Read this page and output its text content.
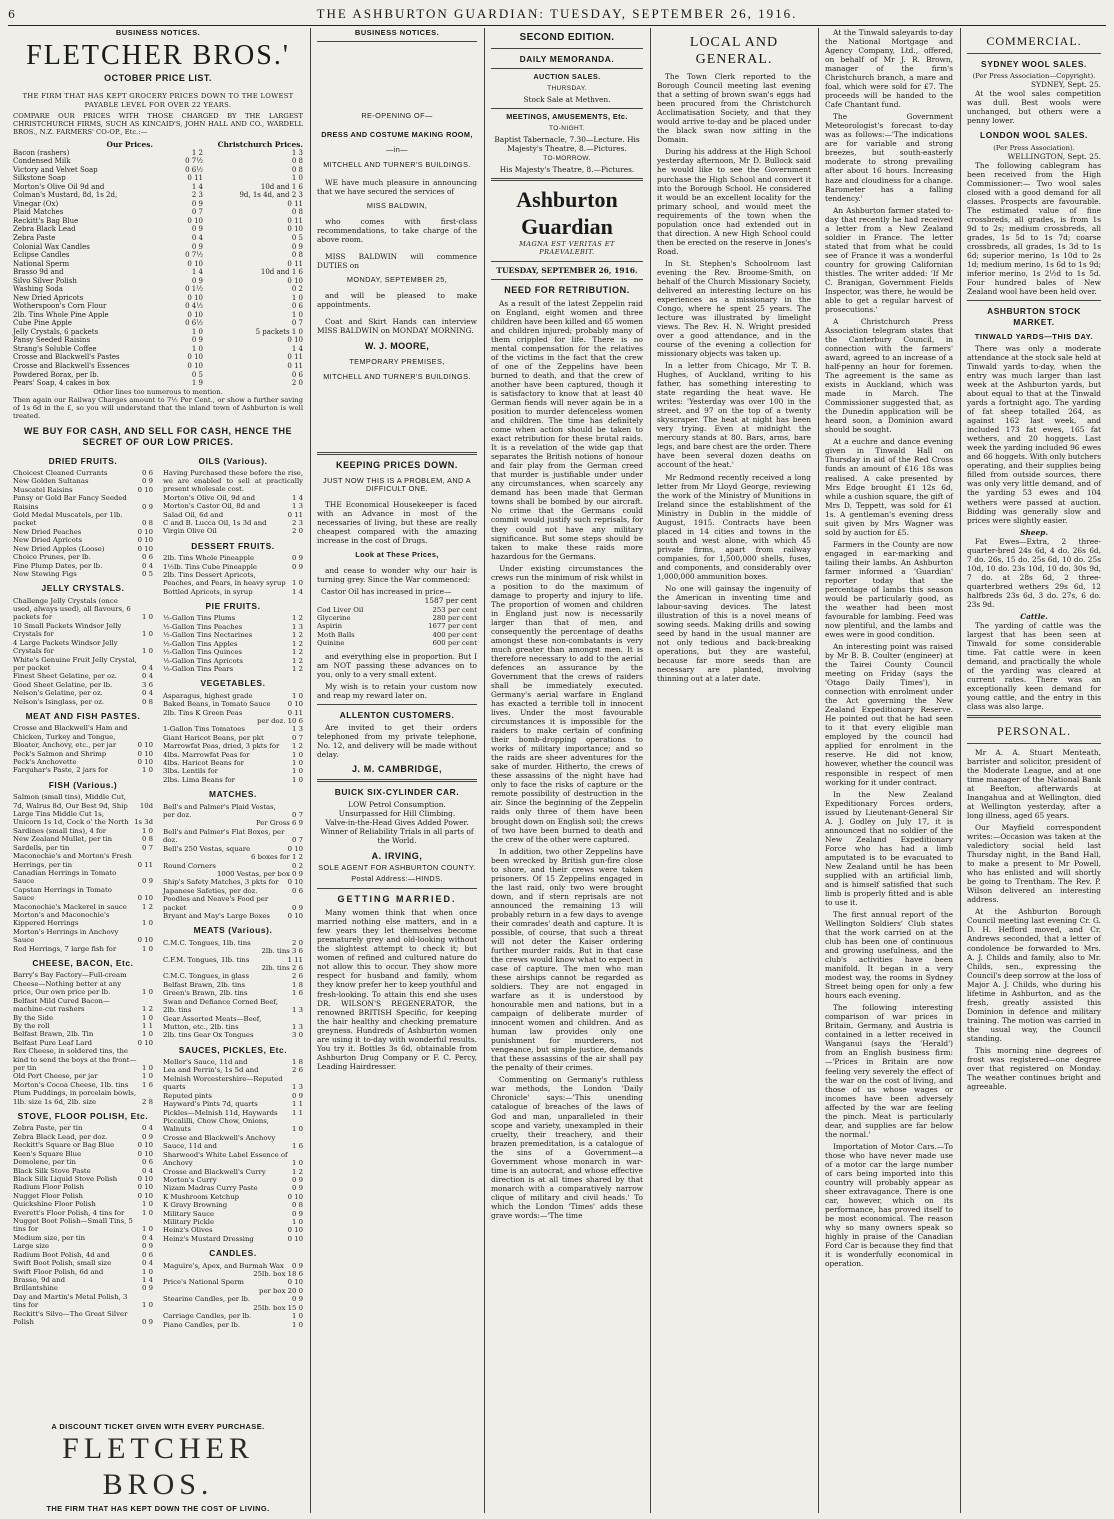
6	THE ASHBURTON GUARDIAN: TUESDAY, SEPTEMBER 26, 1916.
BUSINESS NOTICES.
FLETCHER BROS.'
OCTOBER PRICE LIST.
THE FIRM THAT HAS KEPT GROCERY PRICES DOWN TO THE LOWEST PAYABLE LEVEL FOR OVER 22 YEARS.
COMPARE OUR PRICES WITH THOSE CHARGED BY THE LARGEST CHRISTCHURCH FIRMS, SUCH AS KINCAID'S, JOHN HALL AND CO., WARDELL BROS., N.Z. FARMERS' CO-OP., Etc.:—
Our Prices.	Christchurch Prices.
Bacon (rashers)	1 2	1 3
Condensed Milk	0 7½	0 8
Victory and Velvet Soap	0 6½	0 8
Silkstone Soap	0 11	1 0
Morton's Olive Oil 9d and	1 4	10d and 1 6
Colman's Mustard, 8d, 1s 2d,	2 3	9d, 1s 4d, and 2 3
Vinegar (Ox)	0 9	0 11
Plaid Matches	0 7	0 8
Reckitt's Bag Blue	0 10	0 11
Zebra Black Lead	0 9	0 10
Zebra Paste	0 4	0 5
Colonial Wax Candles	0 9	0 9
Eclipse Candles	0 7½	0 8
National Sperm	0 10	0 11
Brasso 9d and	1 4	10d and 1 6
Silvo Silver Polish	0 9	0 10
Washing Soda	0 1½	0 2
New Dried Apricots	0 10	1 0
Wotherspoon's Corn Flour	0 4½	0 6
2lb. Tins Whole Pine Apple	0 10	1 0
Cube Pine Apple	0 6½	0 7
Jelly Crystals, 6 packets	1 0	5 packets 1 0
Pansy Seeded Raisins	0 9	0 10
Strang's Soluble Coffee	1 0	1 4
Crosse and Blackwell's Pastes	0 10	0 11
Crosse and Blackwell's Essences	0 10	0 11
Powdered Borax, per lb.	0 5	0 6
Pears' Soap, 4 cakes in box	1 9	2 0
Other lines too numerous to mention.
Then again our Railway Charges amount to 7½ Per Cent., or show a further saving of 1s 6d in the £, so you will understand that the inland town of Ashburton is well treated.
WE BUY FOR CASH, AND SELL FOR CASH, HENCE THE SECRET OF OUR LOW PRICES.
DRIED FRUITS.
Choicest Cleaned Currants	0 6
New Golden Sultanas	0 9
Muscatel Raisins	0 10
Pansy or Gold Bar Fancy Seeded Raisins	0 9
Gold Medal Muscatels, per 1lb. packet	0 8
New Dried Peaches	0 10
New Dried Apricots	0 10
New Dried Apples (Loose)	0 10
Choice Prunes, per lb.	0 6
Fine Plump Dates, per lb.	0 4
New Stewing Figs	0 5
JELLY CRYSTALS.
Challenge Jelly Crystals (once used, always used), all flavours, 6 packets for	1 0
10 Small Packets Windsor Jelly Crystals for	1 0
4 Large Packets Windsor Jelly Crystals for	1 0
White's Genuine Fruit Jelly Crystal, per packet	0 4
Finest Sheet Gelatine, per oz.	0 4
Good Sheet Gelatine, per lb.	3 6
Nelson's Gelatine, per oz.	0 4
Nelson's Isinglass, per oz.	0 8
MEAT AND FISH PASTES.
Crosse and Blackwell's Ham and Chicken, Turkey and Tongue, Bloater, Anchovy, etc., per jar	0 10
Peck's Salmon and Shrimp	0 10
Peck's Anchovette	0 10
Farquhar's Paste, 2 jars for	1 0
FISH (Various.)
Salmon (small tins), Middle Cut, 7d, Walrus 8d, Our Best 9d, Ship	10d
Large Tins Middle Cut 1s, Unicorn 1s 1d, Cock o' the North 1s 3d
Sardines (small tins), 4 for	1 0
New Zealand Mullet, per tin	0 8
Sardells, per tin	0 7
Maconochie's and Morton's Fresh Herrings, per tin	0 11
Canadian Herrings in Tomato Sauce	0 9
Capstan Herrings in Tomato Sauce	0 10
Maconochie's Mackerel in sauce	1 2
Morton's and Maconochie's Kippered Herrings	1 0
Morton's Herrings in Anchovy Sauce	0 10
Red Herrings, 7 large fish for	1 0
CHEESE, BACON, Etc.
Barry's Bay Factory—Full-cream Cheese—Nothing better at any price, Our own price per lb.	1 0
Belfast Mild Cured Bacon—machine-cut rashers	1 2
By the Side	1 0
By the roll	1 1
Belfast Brawn, 2lb. Tin	1 0
Belfast Pure Leaf Lard	0 10
Rex Cheese, in soldered tins, the kind to send the boys at the front—per tin	1 0
Old Port Cheese, per jar	1 0
Morton's Cocoa Cheese, 1lb. tins	1 6
Plum Puddings, in porcelain bowls, 1lb. size 1s 6d, 2lb. size	2 8
STOVE, FLOOR POLISH, Etc.
Zebra Paste, per tin	0 4
Zebra Black Lead, per doz.	0 9
Reckitt's Square or Bag Blue	0 10
Keen's Square Blue	0 10
Domolene, per tin	0 6
Black Silk Stove Paste	0 4
Black Silk Liquid Stove Polish	0 10
Radium Floor Polish	0 10
Nugget Floor Polish	0 10
Quickshine Floor Polish	1 0
Everett's Floor Polish, 4 tins for	1 0
Nugget Boot Polish—Small Tins, 5 tins for	1 0
Medium size, per tin	0 4
Large size	0 9
Radium Boot Polish, 4d and	0 6
Swift Boot Polish, small size	0 4
Swift Floor Polish, 6d and	1 0
Brasso, 9d and	1 4
Brillantshine	0 9
Day and Martin's Metal Polish, 3 tins for	1 0
Reckitt's Silvo—The Great Silver Polish	0 9
OILS (Various).
Having Purchased these before the rise, we are enabled to sell at practically present wholesale cost.
Morton's Olive Oil, 9d and	1 4
Morton's Castor Oil, 8d and	1 3
Salad Oil, 6d and	0 11
C and B. Lucca Oil, 1s 3d and	2 3
Virgin Olive Oil	2 0
DESSERT FRUITS.
2lb. Tins Whole Pineapple	0 9
1½lb. Tins Cube Pineapple	0 9
2lb. Tins Dessert Apricots, Peaches, and Pears, in heavy syrup 1 0
Bottled Apricots, in syrup	1 4
PIE FRUITS.
½-Gallon Tins Plums	1 2
½-Gallon Tins Peaches	1 3
½-Gallon Tins Nectarines	1 2
½-Gallon Tins Apples	1 2
½-Gallon Tins Quinces	1 2
½-Gallon Tins Apricots	1 2
½-Gallon Tins Pears	1 2
VEGETABLES.
Asparagus, highest grade	1 0
Baked Beans, in Tomato Sauce	0 10
2lb. Tins K Green Peas	0 11
per doz. 10 6
1-Gallon Tins Tomatoes	1 3
Giant Haricot Beans, per pkt	0 7
Marrowfat Peas, dried, 3 pkts for	1 2
4lbs. Marrowfat Peas for	1 0
4lbs. Haricot Beans for	1 0
3lbs. Lentils for	1 0
2lbs. Lima Beans for	1 0
MATCHES.
Bell's and Palmer's Plaid Vestas, per doz.	0 7
Per Gross 6 9
Bell's and Palmer's Flat Boxes, per doz.	0 7
Bell's 250 Vestas, square	0 10
6 boxes for 1 2
Round Corners	0 2
1000 Vestas, per box 0 9
Ship's Safety Matches, 3 pkts for	0 10
Japanese Safeties, per doz.	0 6
Poodles and Neave's Food per packet	0 9
Bryant and May's Large Boxes	0 10
MEATS (Various).
C.M.C. Tongues, 1lb. tins	2 0
2lb. tins 3 6
C.F.M. Tongues, 1lb. tins	1 11
2lb. tins 2 6
C.M.C. Tongues, in glass	2 6
Belfast Brawn, 2lb. tins	1 8
Green's Brawn, 2lb. tins	1 6
Swan and Defiance Corned Beef, 2lb. tins	1 3
Gear Assorted Meats—Beef, Mutton, etc., 2lb. tins	1 3
2lb. tins Gear Ox Tongues	3 0
SAUCES, PICKLES, Etc.
Mellor's Sauce, 11d and	1 8
Lea and Perrin's, 1s 5d and	2 6
Melnish Worcestershire—Reputed quarts	1 3
Reputed pints	0 9
Hayward's Pints 7d, quarts	1 1
Pickles—Melnish 11d, Haywards	1 1
Piccalilli, Chow Chow, Onions, Walnuts	1 0
Crosse and Blackwell's Anchovy Sauce, 11d and	1 6
Sharwood's White Label Essence of Anchovy	1 0
Crosse and Blackwell's Curry	1 2
Morton's Curry	0 9
Nizam Madras Curry Paste	0 9
K Mushroom Ketchup	0 10
K Gravy Browning	0 8
Military Sauce	0 9
Military Pickle	1 0
Heinz's Olives	0 10
Heinz's Mustard Dressing	0 10
CANDLES.
Maguire's, Apex, and Burmah Wax	0 9
25lb. box 18 6
Price's National Sperm	0 10
per box 20 0
Stearine Candles, per lb.	0 9
25lb. box 15 0
Carriage Candles, per lb.	1 0
Piano Candles, per lb.	1 0
A DISCOUNT TICKET GIVEN WITH EVERY PURCHASE.
FLETCHER BROS.
THE FIRM THAT HAS KEPT DOWN THE COST OF LIVING.
BUSINESS NOTICES.
RE-OPENING OF—
DRESS AND COSTUME MAKING ROOM,
—in—
MITCHELL AND TURNER'S BUILDINGS.

WE have much pleasure in announcing that we have secured the services of

MISS BALDWIN,

who comes with first-class recommendations, to take charge of the above room.

MISS BALDWIN will commence DUTIES on

MONDAY, SEPTEMBER 25,

and will be pleased to make appointments.

Coat and Skirt Hands can interview MISS BALDWIN on MONDAY MORNING.

W. J. MOORE,
TEMPORARY PREMISES,
MITCHELL AND TURNER'S BUILDINGS.
KEEPING PRICES DOWN.
JUST NOW THIS IS A PROBLEM, AND A DIFFICULT ONE.

THE Economical Housekeeper is faced with an Advance in most of the necessaries of living, but these are really cheapest compared with the amazing increase in the cost of Drugs.

Look at These Prices,

and cease to wonder why our hair is turning grey. Since the War commenced:

Castor Oil has increased in price—
1587 per cent
Cod Liver Oil	253 per cent
Glycerine	280 per cent
Aspirin	1677 per cent
Moth Balls	400 per cent
Quinine	600 per cent

and everything else in proportion. But I am NOT passing these advances on to you, only to a very small extent.

My wish is to retain your custom now and reap my reward later on.

ALLENTON CUSTOMERS.

Are invited to get their orders telephoned from my private telephone, No. 12, and delivery will be made without delay.

J. M. CAMBRIDGE,
BUICK SIX-CYLINDER CAR.
LOW Petrol Consumption.
Unsurpassed for Hill Climbing.
Valve-in-the-Head Gives Added Power.
Winner of Reliability Trials in all parts of the World.
A. IRVING,
SOLE AGENT FOR ASHBURTON COUNTY.
Postal Address:—HINDS.
GETTING MARRIED.

Many women think that when once married nothing else matters, and in a few years they let themselves become prematurely grey and old-looking without the slightest attempt to check it; but women of refined and cultured nature do not allow this to occur. They show more respect for husband and family, whom they know prefer her to keep youthful and fresh-looking. To attain this end she uses DR. WILSON'S REGENERATOR, the renowned BRITISH Specific, for keeping the hair healthy and checking premature greyness. Hundreds of Ashburton women are using it to-day with wonderful results. You try it. Bottles 3s 6d, obtainable from Ashburton Drug Company or F. C. Percy, Leading Hairdresser.

SECOND EDITION.
DAILY MEMORANDA.
AUCTION SALES.
THURSDAY.
Stock Sale at Methven.
MEETINGS, AMUSEMENTS, Etc.
TO-NIGHT.
Baptist Tabernacle, 7.30—Lecture. His Majesty's Theatre, 8.—Pictures.
TO-MORROW.
His Majesty's Theatre, 8.—Pictures.
Ashburton Guardian
MAGNA EST VERITAS ET PRAEVALEBIT.
TUESDAY, SEPTEMBER 26, 1916.
NEED FOR RETRIBUTION.

As a result of the latest Zeppelin raid on England, eight women and three children have been killed and 65 women and children injured; probably many of them crippled for life. There is no mental compensation for the relatives of the victims in the fact that the crew of one of the Zeppelins have been burned to death, and that the crew of another have been captured, though it is satisfactory to know that at least 40 German fiends will never again be in a position to murder defenceless women and children. The time has definitely come when action should be taken to exact retribution for these brutal raids. It is a revelation of the wide gap that separates the British notions of honour and fair play from the German creed that murder is justifiable under under any circumstances, when scarcely any demand has been made that German towns shall be bombed by our aircraft. No crime that the Germans could commit would justify such reprisals, for they could not have any military significance. But some steps should be taken to make these raids more hazardous for the Germans.

Under existing circumstances the crews run the minimum of risk whilst in a position to do the maximum of damage to property and injury to life. The proportion of women and children in England just now is necessarily larger than that of men, and consequently the percentage of deaths amongst these non-combatants is very much greater than amongst men. It is therefore necessary to add to the aerial defences an assurance by the Government that the crews of raiders shall be immediately executed. Germany's aerial warfare in England has exacted a terrible toll in innocent lives. Under the most favourable circumstances it is impossible for the raiders to make certain of confining their bomb-dropping operations to works of military importance; and so the raids are sheer adventures for the sake of murder. Hitherto, the crews of these assassins of the night have had only to face the risks of capture or the remote possibility of destruction in the air. Since the beginning of the Zeppelin raids only three of them have been brought down on English soil; the crews of two have been burned to death and the crew of the other were captured.

In addition, two other Zeppelins have been wrecked by British gun-fire close to shore, and their crews were taken prisoners. Of 15 Zeppelins engaged in the last raid, only two were brought down, and if stern reprisals are not announced the remaining 13 will probably return in a few days to avenge their comrades' death and capture. It is possible, of course, that such a threat will not deter the Kaiser ordering further murder raids. But in that case the crews would know what to expect in case of capture. The men who man these airships cannot be regarded as soldiers. They are not engaged in warfare as it is understood by honourable men and nations, but in a campaign of deliberate murder of innocent women and children. And as human law provides only one punishment for murderers, not vengeance, but simple justice, demands that these assassins of the air shall pay the penalty of their crimes.

Commenting on Germany's ruthless war methods, the London 'Daily Chronicle' says:—'This unending catalogue of breaches of the laws of God and man, unparalleled in their scope and variety, unexampled in their cruelty, their treachery, and their brazen premeditation, is a catalogue of the sins of a Government—a Government whose monarch in war-time is an autocrat, and whose effective direction is at all times shared by that monarch with a comparatively narrow clique of military and civil heads.' To which the London 'Times' adds these grave words:—'The time

LOCAL AND GENERAL.

The Town Clerk reported to the Borough Council meeting last evening that a setting of brown swan's eggs had been procured from the Christchurch Acclimatisation Society, and that they would arrive to-day and be placed under the black swan now sitting in the Domain.

During his address at the High School yesterday afternoon, Mr D. Bullock said he would like to see the Government purchase the High School and convert it into the Borough School. He considered it would be an excellent locality for the primary school, and would meet the requirements of the town when the population once had extended out in that direction. A new High School could then be erected on the reserve in Jones's Road.

In St. Stephen's Schoolroom last evening the Rev. Broome-Smith, on behalf of the Church Missionary Society, delivered an interesting lecture on his experiences as a missionary in the Congo, where he spent 25 years. The lecture was illustrated by limelight views. The Rev. H. N. Wright presided over a good attendance, and in the course of the evening a collection for missionary objects was taken up.

In a letter from Chicago, Mr T. B. Hughes, of Auckland, writing to his father, has something interesting to state regarding the heat wave. He writes: 'Yesterday was over 100 in the street, and 97 on the top of a twenty skyscraper. The heat at night has been very trying. Even at midnight the mercury stands at 80. Bars, arms, bare legs, and bare chest are the order. There have been several dozen deaths on account of the heat.'

Mr Redmond recently received a long letter from Mr Lloyd George, reviewing the work of the Ministry of Munitions in Ireland since the establishment of the Ministry in Dublin in the middle of August, 1915. Contracts have been placed in 14 cities and towns in the south and west alone, with which 45 private firms, apart from railway companies, for 1,500,000 shells, fuses, and components, and considerably over 1,000,000 ammunition boxes.

No one will gainsay the ingenuity of the American in inventing time and labour-saving devices. The latest illustration of this is a novel means of sowing seeds. Making drills and sowing seed by hand in the usual manner are not only tedious and back-breaking operations, but they are wasteful, because far more seeds than are necessary are planted, involving thinning out at a later date.

At the Tinwald saleyards to-day the National Mortgage and Agency Company, Ltd., offered, on behalf of Mr J. R. Brown, manager of the firm's Christchurch branch, a mare and foal, which were sold for £7. The proceeds will be handed to the Cafe Chantant fund.

The Government Meteorologist's forecast to-day was as follows:—'The indications are for variable and strong breezes, but south-easterly moderate to strong prevailing after about 16 hours. Increasing haze and cloudiness for a change. Barometer has a falling tendency.'

An Ashburton farmer stated to-day that recently he had received a letter from a New Zealand soldier in France. The letter stated that from what he could see of France it was a wonderful country for growing Californian thistles. The writer added: 'If Mr C. Branigan, Government Fields Inspector, was there, he would be able to get a regular harvest of prosecutions.'

A Christchurch Press Association telegram states that the Canterbury Council, in connection with the farmers' award, agreed to an increase of a half-penny an hour for foremen. The agreement is the same as exists in Auckland, which was made in March. The Commissioner suggested that, as the Dunedin application will be heard soon, a Dominion award should be sought.

At a euchre and dance evening given in Tinwald Hall on Thursday in aid of the Red Cross funds an amount of £16 18s was realised. A cake presented by Mrs Edge brought £1 12s 6d, while a cushion square, the gift of Mrs D. Teppett, was sold for £1 1s. A gentleman's evening dress suit given by Mrs Wagner was sold by auction for £5.

Farmers in the County are now engaged in ear-marking and tailing their lambs. An Ashburton farmer informed a 'Guardian' reporter today that the percentage of lambs this season would be particularly good, as the weather had been most favourable for lambing. Feed was now plentiful, and the lambs and ewes were in good condition.

An interesting point was raised by Mr B. B. Coulter (engineer) at the Tairei County Council meeting on Friday (says the 'Otago Daily Times'), in connection with enrolment under the Act governing the New Zealand Expeditionary Reserve. He pointed out that he had seen to it that every eligible man employed by the council had applied for enrolment in the reserve. He did not know, however, whether the council was responsible in respect of men working for it under contract.

In the New Zealand Expeditionary Forces orders, issued by Lieutenant-General Sir A. J. Godley on July 17, it is announced that no soldier of the New Zealand Expeditionary Force who has had a limb amputated is to be evacuated to New Zealand until he has been supplied with an artificial limb, and is himself satisfied that such limb is properly fitted and is able to use it.

The first annual report of the Wellington Soldiers' Club states that the work carried on at the club has been one of continuous and growing usefulness, and the club's activities have been manifold. It began in a very modest way, the rooms in Sydney Street being open for only a few hours each evening.

The following interesting comparison of war prices in Britain, Germany, and Austria is contained in a letter received in Wanganui (says the 'Herald') from an English business firm:—'Prices in Britain are now feeling very severely the effect of the war on the cost of living, and those of us whose wages or incomes have been adversely affected by the war are feeling the pinch. Meat is particularly dear, and supplies are far below the normal.'

Importation of Motor Cars.—To those who have never made use of a motor car the large number of cars being imported into this country will probably appear as sheer extravagance. There is one car, however, which on its performance, has proved itself to be most economical. The reason why so many owners speak so highly in praise of the Canadian Ford Car is because they find that it is wonderfully economical in operation.

COMMERCIAL.
SYDNEY WOOL SALES.
(Per Press Association—Copyright).
SYDNEY, Sept. 25.

At the wool sales competition was dull. Best wools were unchanged, but others were a penny lower.

LONDON WOOL SALES.
(Per Press Association).
WELLINGTON, Sept. 25.

The following cablegram has been received from the High Commissioner:— Two wool sales closed with a good demand for all classes. Prospects are favourable. The estimated value of fine crossbreds, all grades, is from 1s 9d to 2s; medium crossbreds, all grades, 1s 5d to 1s 7d; coarse crossbreds, all grades, 1s 3d to 1s 6d; superior merino, 1s 10d to 2s 1d; medium merino, 1s 6d to 1s 9d; inferior merino, 1s 2½d to 1s 5d. Four hundred bales of New Zealand wool have been held over.

ASHBURTON STOCK MARKET.
TINWALD YARDS—THIS DAY.

There was only a moderate attendance at the stock sale held at Tinwald yards to-day, when the entry was much larger than last week at the Ashburton yards, but about equal to that at the Tinwald yards a fortnight ago. The yarding of fat sheep totalled 264, as against 162 last week, and included 173 fat ewes, 165 fat wethers, and 20 hoggets. Last week the yarding included 96 ewes and 66 hoggets. With only butchers operating, and their supplies being filled from outside sources, there was only very little demand, and of the yarding 53 ewes and 104 wethers were passed at auction. Bidding was generally slow and prices were slightly easier.

Sheep.

Fat Ewes—Extra, 2 three-quarter-bred 24s 6d, 4 do. 26s 6d, 7 do. 26s, 15 do. 25s 6d, 10 do. 25s 10d, 10 do. 23s 10d, 10 do. 30s 9d, 7 do. at 28s 6d, 2 three-quarterbred wethers 29s 6d, 12 halfbreds 23s 6d, 3 do. 27s, 6 do. 23s 9d.

Cattle.

The yarding of cattle was the largest that has been seen at Tinwald for some considerable time. Fat cattle were in keen demand, and practically the whole of the yarding was cleared at current rates. There was an exceptionally keen demand for young cattle, and the entry in this class was also large.

PERSONAL.

Mr A. A. Stuart Menteath, barrister and solicitor, president of the Moderate League, and at one time manager of the National Bank at Beefton, afterwards at Inangahua and at Wellington, died at Wellington yesterday, after a long illness, aged 65 years.

Our Mayfield correspondent writes:—Occasion was taken at the valedictory social held last Thursday night, in the Band Hall, to make a present to Mr Powell, who has enlisted and will shortly be going to Trentham. The Rev. P. Wilson delivered an interesting address.

At the Ashburton Borough Council meeting last evening Cr. G. D. H. Hefford moved, and Cr. Andrews seconded, that a letter of condolence be forwarded to Mrs. A. J. Childs and family, also to Mr. Childs, sen., expressing the Council's deep sorrow at the loss of Major A. J. Childs, who during his lifetime in Ashburton, and as the fresh, greatly assisted this Dominion in defence and military training. The motion was carried in the usual way, the Council standing.

This morning nine degrees of frost was registered—one degree over that registered on Monday. The weather continues bright and agreeable.
